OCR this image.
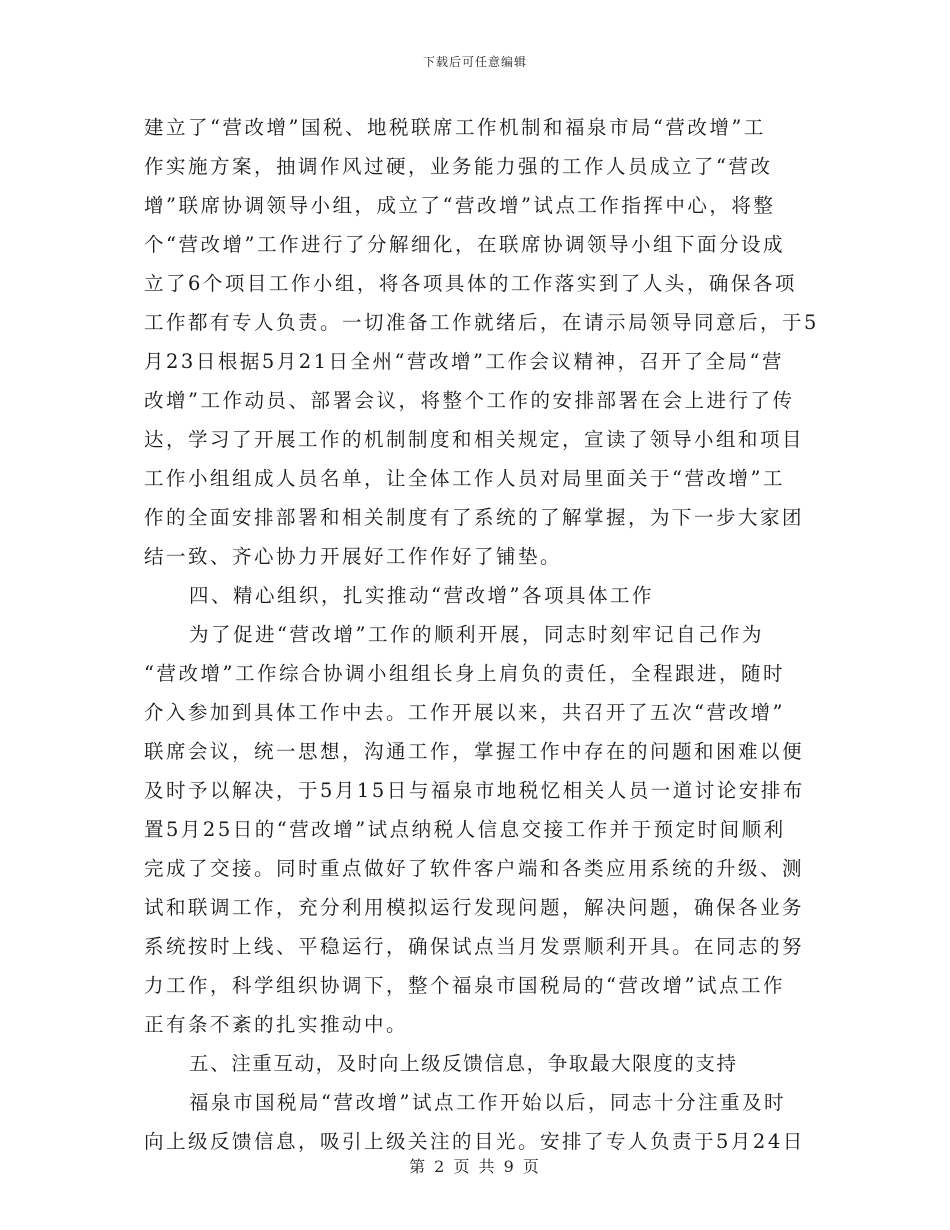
下载后可任意编辑
建立了“营改增”国税、地税联席工作机制和福泉市局“营改增”工
作实施方案，抽调作风过硬，业务能力强的工作人员成立了“营改
增”联席协调领导小组，成立了“营改增”试点工作指挥中心，将整
个“营改增”工作进行了分解细化，在联席协调领导小组下面分设成
立了6个项目工作小组，将各项具体的工作落实到了人头，确保各项
工作都有专人负责。一切准备工作就绪后，在请示局领导同意后，于5
月23日根据5月21日全州“营改增”工作会议精神，召开了全局“营
改增”工作动员、部署会议，将整个工作的安排部署在会上进行了传
达，学习了开展工作的机制制度和相关规定，宣读了领导小组和项目
工作小组组成人员名单，让全体工作人员对局里面关于“营改增”工
作的全面安排部署和相关制度有了系统的了解掌握，为下一步大家团
结一致、齐心协力开展好工作作好了铺垫。
四、精心组织，扎实推动“营改增”各项具体工作
为了促进“营改增”工作的顺利开展，同志时刻牢记自己作为
“营改增”工作综合协调小组组长身上肩负的责任，全程跟进，随时
介入参加到具体工作中去。工作开展以来，共召开了五次“营改增”
联席会议，统一思想，沟通工作，掌握工作中存在的问题和困难以便
及时予以解决，于5月15日与福泉市地税忆相关人员一道讨论安排布
置5月25日的“营改增”试点纳税人信息交接工作并于预定时间顺利
完成了交接。同时重点做好了软件客户端和各类应用系统的升级、测
试和联调工作，充分利用模拟运行发现问题，解决问题，确保各业务
系统按时上线、平稳运行，确保试点当月发票顺利开具。在同志的努
力工作，科学组织协调下，整个福泉市国税局的“营改增”试点工作
正有条不紊的扎实推动中。
五、注重互动，及时向上级反馈信息，争取最大限度的支持
福泉市国税局“营改增”试点工作开始以后，同志十分注重及时
向上级反馈信息，吸引上级关注的目光。安排了专人负责于5月24日
第 2 页 共 9 页
